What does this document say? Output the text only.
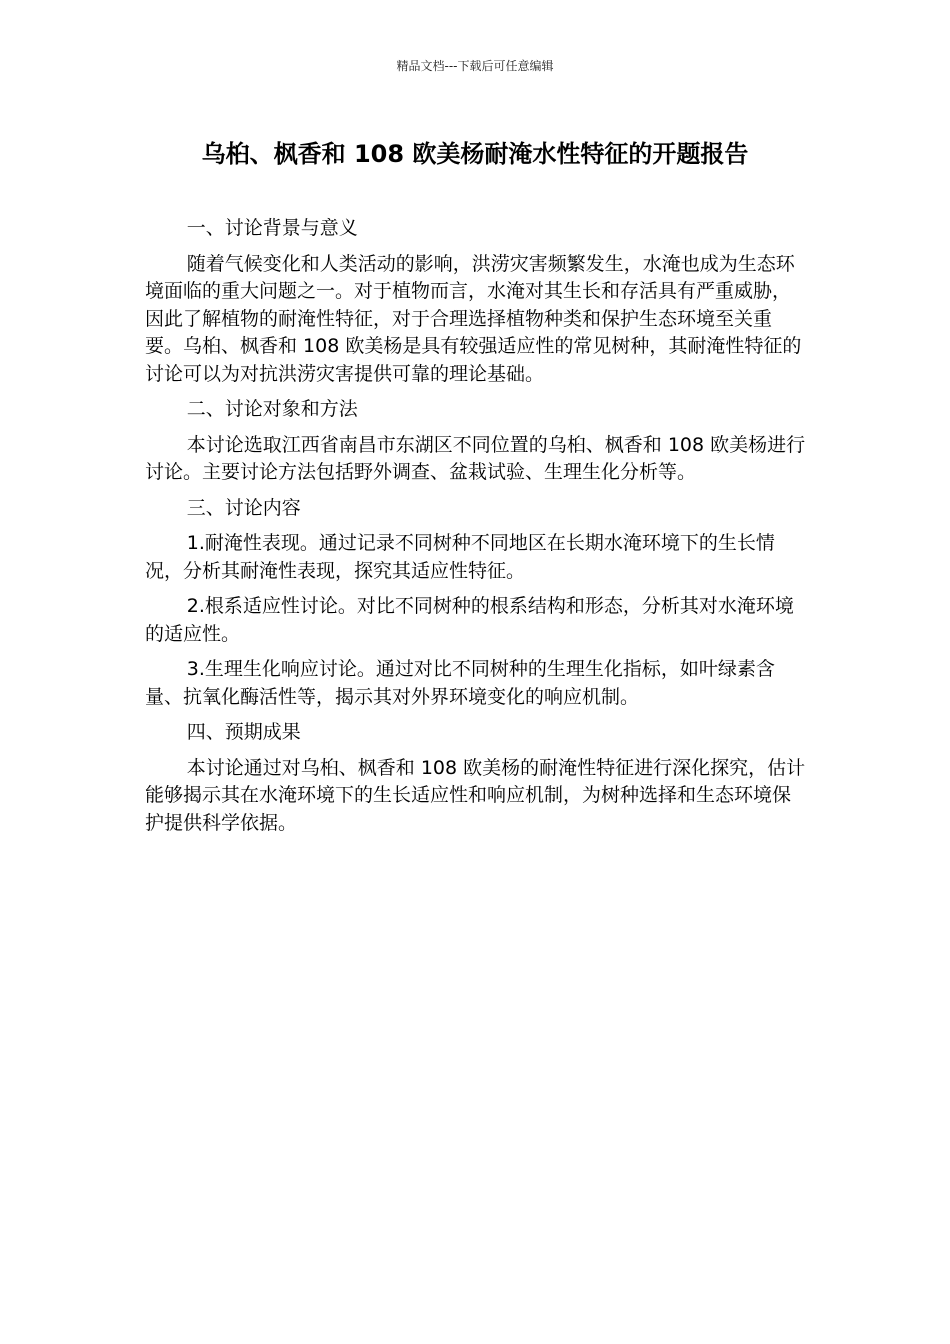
精品文档---下载后可任意编辑
乌桕、枫香和 108 欧美杨耐淹水性特征的开题报告

一、讨论背景与意义

随着气候变化和人类活动的影响，洪涝灾害频繁发生，水淹也成为生态环境面临的重大问题之一。对于植物而言，水淹对其生长和存活具有严重威胁，因此了解植物的耐淹性特征，对于合理选择植物种类和保护生态环境至关重要。乌桕、枫香和 108 欧美杨是具有较强适应性的常见树种，其耐淹性特征的讨论可以为对抗洪涝灾害提供可靠的理论基础。

二、讨论对象和方法

本讨论选取江西省南昌市东湖区不同位置的乌桕、枫香和 108 欧美杨进行讨论。主要讨论方法包括野外调查、盆栽试验、生理生化分析等。

三、讨论内容

1.耐淹性表现。通过记录不同树种不同地区在长期水淹环境下的生长情况，分析其耐淹性表现，探究其适应性特征。

2.根系适应性讨论。对比不同树种的根系结构和形态，分析其对水淹环境的适应性。

3.生理生化响应讨论。通过对比不同树种的生理生化指标，如叶绿素含量、抗氧化酶活性等，揭示其对外界环境变化的响应机制。

四、预期成果

本讨论通过对乌桕、枫香和 108 欧美杨的耐淹性特征进行深化探究，估计能够揭示其在水淹环境下的生长适应性和响应机制，为树种选择和生态环境保护提供科学依据。
